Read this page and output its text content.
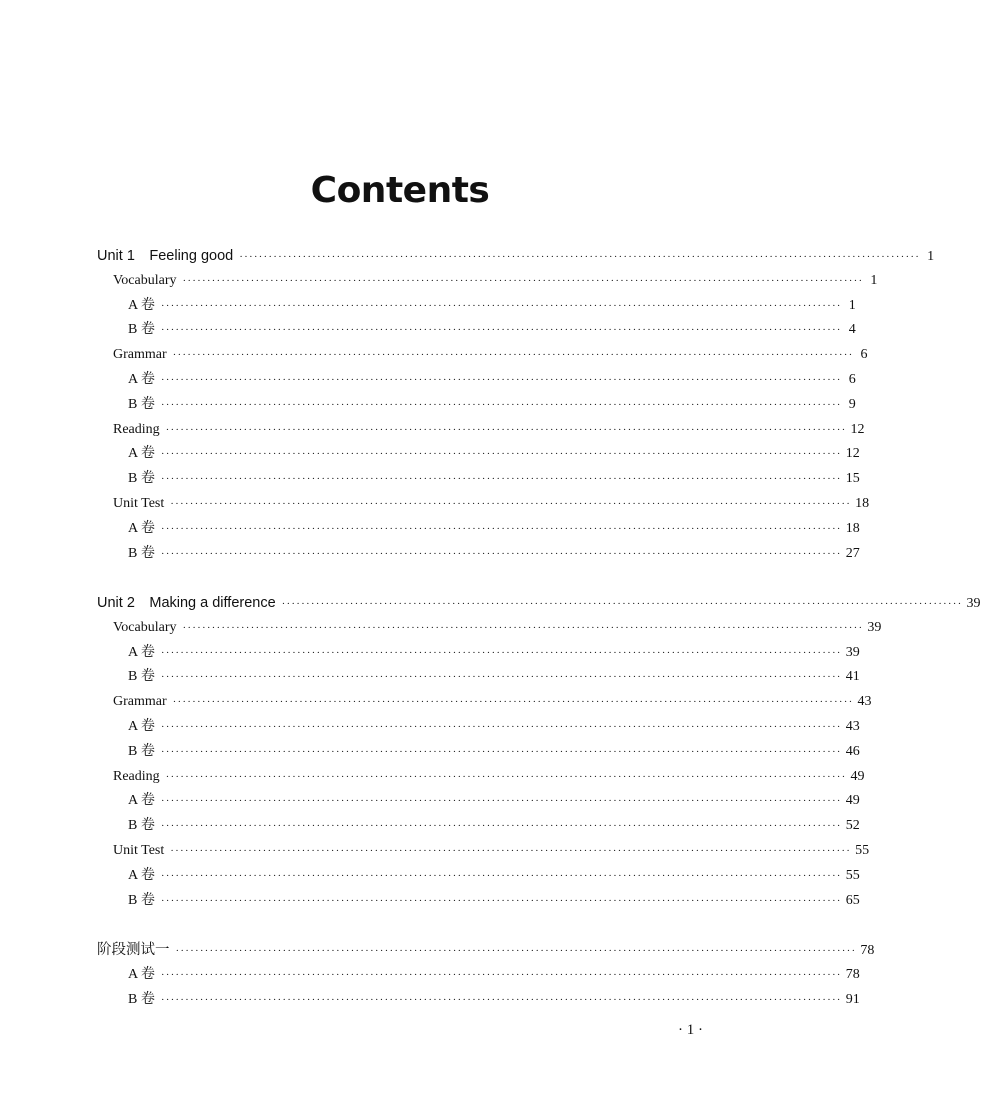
Contents
Unit 1 Feeling good ············································································································································ 1
Vocabulary ············································································································································ 1
A 卷 ············································································································································ 1
B 卷 ············································································································································ 4
Grammar ············································································································································ 6
A 卷 ············································································································································ 6
B 卷 ············································································································································ 9
Reading ············································································································································ 12
A 卷 ············································································································································ 12
B 卷 ············································································································································ 15
Unit Test ············································································································································ 18
A 卷 ············································································································································ 18
B 卷 ············································································································································ 27
Unit 2 Making a difference ············································································································································ 39
Vocabulary ············································································································································ 39
A 卷 ············································································································································ 39
B 卷 ············································································································································ 41
Grammar ············································································································································ 43
A 卷 ············································································································································ 43
B 卷 ············································································································································ 46
Reading ············································································································································ 49
A 卷 ············································································································································ 49
B 卷 ············································································································································ 52
Unit Test ············································································································································ 55
A 卷 ············································································································································ 55
B 卷 ············································································································································ 65
阶段测试一 ············································································································································ 78
A 卷 ············································································································································ 78
B 卷 ············································································································································ 91
· 1 ·
